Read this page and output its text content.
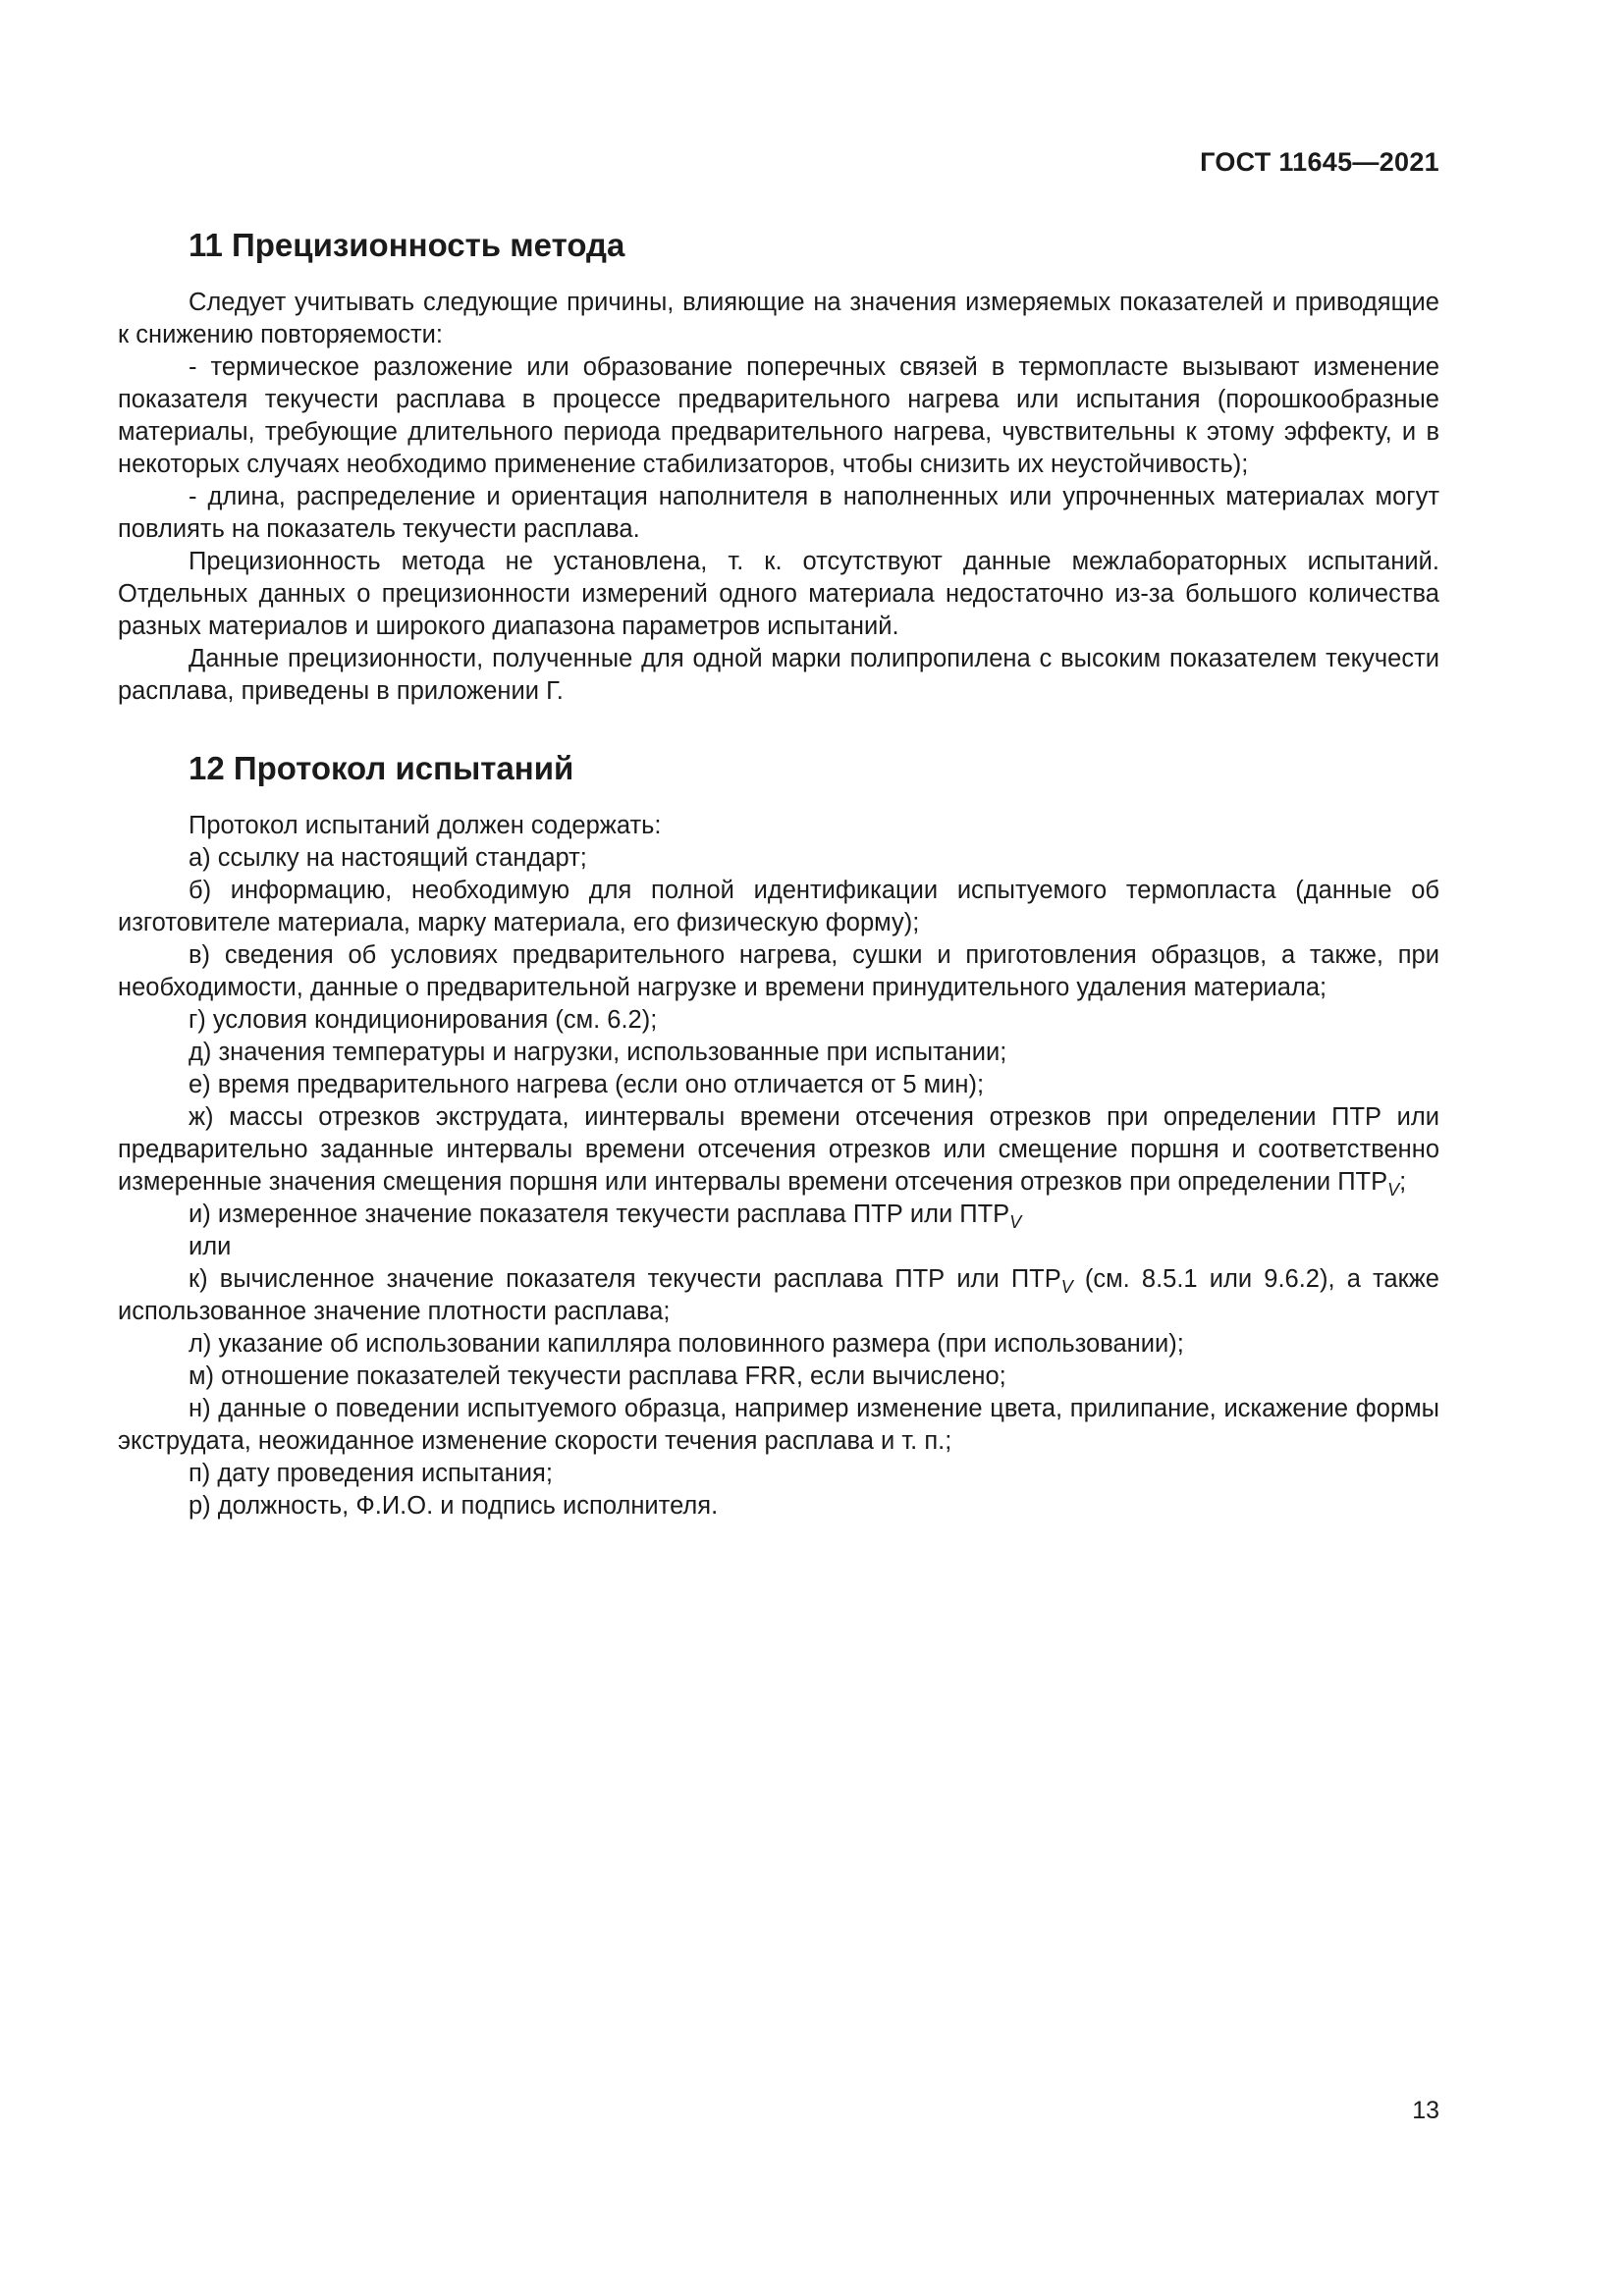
ГОСТ 11645—2021
11 Прецизионность метода

Следует учитывать следующие причины, влияющие на значения измеряемых показателей и приводящие к снижению повторяемости:

- термическое разложение или образование поперечных связей в термопласте вызывают изменение показателя текучести расплава в процессе предварительного нагрева или испытания (порошкообразные материалы, требующие длительного периода предварительного нагрева, чувствительны к этому эффекту, и в некоторых случаях необходимо применение стабилизаторов, чтобы снизить их неустойчивость);

- длина, распределение и ориентация наполнителя в наполненных или упрочненных материалах могут повлиять на показатель текучести расплава.

Прецизионность метода не установлена, т. к. отсутствуют данные межлабораторных испытаний. Отдельных данных о прецизионности измерений одного материала недостаточно из-за большого количества разных материалов и широкого диапазона параметров испытаний.

Данные прецизионности, полученные для одной марки полипропилена с высоким показателем текучести расплава, приведены в приложении Г.

12 Протокол испытаний

Протокол испытаний должен содержать:

а) ссылку на настоящий стандарт;

б) информацию, необходимую для полной идентификации испытуемого термопласта (данные об изготовителе материала, марку материала, его физическую форму);

в) сведения об условиях предварительного нагрева, сушки и приготовления образцов, а также, при необходимости, данные о предварительной нагрузке и времени принудительного удаления материала;

г) условия кондиционирования (см. 6.2);

д) значения температуры и нагрузки, использованные при испытании;

е) время предварительного нагрева (если оно отличается от 5 мин);

ж) массы отрезков экструдата, иинтервалы времени отсечения отрезков при определении ПТР или предварительно заданные интервалы времени отсечения отрезков или смещение поршня и соответственно измеренные значения смещения поршня или интервалы времени отсечения отрезков при определении $ПТР_V$;

и) измеренное значение показателя текучести расплава ПТР или $ПТР_V$

или

к) вычисленное значение показателя текучести расплава ПТР или $ПТР_V$ (см. 8.5.1 или 9.6.2), а также использованное значение плотности расплава;

л) указание об использовании капилляра половинного размера (при использовании);

м) отношение показателей текучести расплава FRR, если вычислено;

н) данные о поведении испытуемого образца, например изменение цвета, прилипание, искажение формы экструдата, неожиданное изменение скорости течения расплава и т. п.;

п) дату проведения испытания;

р) должность, Ф.И.О. и подпись исполнителя.

13
